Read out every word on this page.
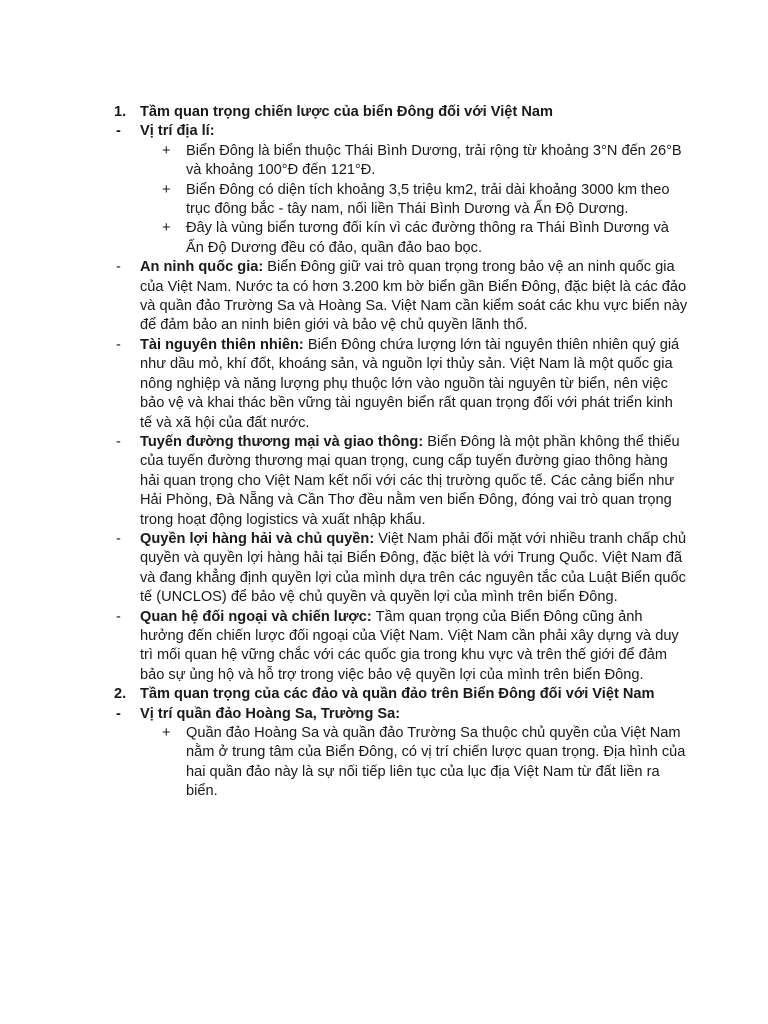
1. Tầm quan trọng chiến lược của biển Đông đối với Việt Nam
- Vị trí địa lí:
+ Biển Đông là biển thuộc Thái Bình Dương, trải rộng từ khoảng 3°N đến 26°B và khoảng 100°Đ đến 121°Đ.
+ Biển Đông có diện tích khoảng 3,5 triệu km2, trải dài khoảng 3000 km theo trục đông bắc - tây nam, nối liền Thái Bình Dương và Ấn Độ Dương.
+ Đây là vùng biển tương đối kín vì các đường thông ra Thái Bình Dương và Ấn Độ Dương đều có đảo, quần đảo bao bọc.
- An ninh quốc gia: Biển Đông giữ vai trò quan trọng trong bảo vệ an ninh quốc gia của Việt Nam. Nước ta có hơn 3.200 km bờ biển gần Biển Đông, đặc biệt là các đảo và quần đảo Trường Sa và Hoàng Sa. Việt Nam cần kiểm soát các khu vực biển này để đảm bảo an ninh biên giới và bảo vệ chủ quyền lãnh thổ.
- Tài nguyên thiên nhiên: Biển Đông chứa lượng lớn tài nguyên thiên nhiên quý giá như dầu mỏ, khí đốt, khoáng sản, và nguồn lợi thủy sản. Việt Nam là một quốc gia nông nghiệp và năng lượng phụ thuộc lớn vào nguồn tài nguyên từ biển, nên việc bảo vệ và khai thác bền vững tài nguyên biển rất quan trọng đối với phát triển kinh tế và xã hội của đất nước.
- Tuyến đường thương mại và giao thông: Biển Đông là một phần không thể thiếu của tuyến đường thương mại quan trọng, cung cấp tuyến đường giao thông hàng hải quan trọng cho Việt Nam kết nối với các thị trường quốc tế. Các cảng biển như Hải Phòng, Đà Nẵng và Cần Thơ đều nằm ven biển Đông, đóng vai trò quan trọng trong hoạt động logistics và xuất nhập khẩu.
- Quyền lợi hàng hải và chủ quyền: Việt Nam phải đối mặt với nhiều tranh chấp chủ quyền và quyền lợi hàng hải tại Biển Đông, đặc biệt là với Trung Quốc. Việt Nam đã và đang khẳng định quyền lợi của mình dựa trên các nguyên tắc của Luật Biển quốc tế (UNCLOS) để bảo vệ chủ quyền và quyền lợi của mình trên biển Đông.
- Quan hệ đối ngoại và chiến lược: Tầm quan trọng của Biển Đông cũng ảnh hưởng đến chiến lược đối ngoại của Việt Nam. Việt Nam cần phải xây dựng và duy trì mối quan hệ vững chắc với các quốc gia trong khu vực và trên thế giới để đảm bảo sự ủng hộ và hỗ trợ trong việc bảo vệ quyền lợi của mình trên biển Đông.
2. Tầm quan trọng của các đảo và quần đảo trên Biển Đông đối với Việt Nam
- Vị trí quần đảo Hoàng Sa, Trường Sa:
+ Quần đảo Hoàng Sa và quần đảo Trường Sa thuộc chủ quyền của Việt Nam nằm ở trung tâm của Biển Đông, có vị trí chiến lược quan trọng. Địa hình của hai quần đảo này là sự nối tiếp liên tục của lục địa Việt Nam từ đất liền ra biển.
